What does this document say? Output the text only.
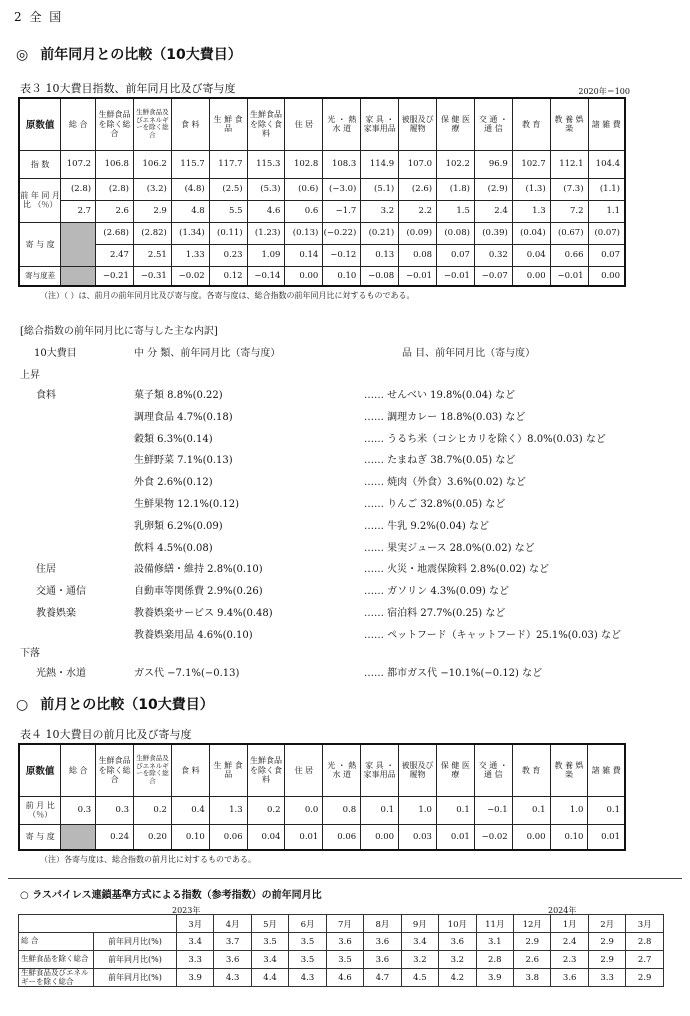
2 全 国
◎ 前年同月との比較（10大費目）
表３ 10大費目指数、前年同月比及び寄与度	2020年＝100
原数値	総 合	生鮮食品を除く総合	生鮮食品及びエネルギーを除く総合	食 料	生 鮮 食 品	生鮮食品を除く食料	住 居	光 ・ 熱 水 道	家 具 ・ 家事用品	被服及び履物	保 健 医 療	交 通 ・ 通 信	教 育	教 養 娯 楽	諸 雑 費
指 数	107.2	106.8	106.2	115.7	117.7	115.3	102.8	108.3	114.9	107.0	102.2	96.9	102.7	112.1	104.4
前 年 同 月 比 （％）	(2.8)	(2.8)	(3.2)	(4.8)	(2.5)	(5.3)	(0.6)	(−3.0)	(5.1)	(2.6)	(1.8)	(2.9)	(1.3)	(7.3)	(1.1)
	2.7	2.6	2.9	4.8	5.5	4.6	0.6	−1.7	3.2	2.2	1.5	2.4	1.3	7.2	1.1
寄 与 度		(2.68)	(2.82)	(1.34)	(0.11)	(1.23)	(0.13)	(−0.22)	(0.21)	(0.09)	(0.08)	(0.39)	(0.04)	(0.67)	(0.07)
		2.47	2.51	1.33	0.23	1.09	0.14	−0.12	0.13	0.08	0.07	0.32	0.04	0.66	0.07
寄与度差		−0.21	−0.31	−0.02	0.12	−0.14	0.00	0.10	−0.08	−0.01	−0.01	−0.07	0.00	−0.01	0.00
（注）（ ）は、前月の前年同月比及び寄与度。各寄与度は、総合指数の前年同月比に対するものである。
[総合指数の前年同月比に寄与した主な内訳]
10大費目	中 分 類、前年同月比（寄与度）	品 目、前年同月比（寄与度）
上昇
食料	菓子類 8.8%(0.22)	…… せんべい 19.8%(0.04) など
調理食品 4.7%(0.18)	…… 調理カレー 18.8%(0.03) など
穀類 6.3%(0.14)	…… うるち米（コシヒカリを除く）8.0%(0.03) など
生鮮野菜 7.1%(0.13)	…… たまねぎ 38.7%(0.05) など
外食 2.6%(0.12)	…… 焼肉（外食）3.6%(0.02) など
生鮮果物 12.1%(0.12)	…… りんご 32.8%(0.05) など
乳卵類 6.2%(0.09)	…… 牛乳 9.2%(0.04) など
飲料 4.5%(0.08)	…… 果実ジュース 28.0%(0.02) など
住居	設備修繕・維持 2.8%(0.10)	…… 火災・地震保険料 2.8%(0.02) など
交通・通信	自動車等関係費 2.9%(0.26)	…… ガソリン 4.3%(0.09) など
教養娯楽	教養娯楽サービス 9.4%(0.48)	…… 宿泊料 27.7%(0.25) など
教養娯楽用品 4.6%(0.10)	…… ペットフード（キャットフード）25.1%(0.03) など
下落
光熱・水道	ガス代 −7.1%(−0.13)	…… 都市ガス代 −10.1%(−0.12) など
○ 前月との比較（10大費目）
表４ 10大費目の前月比及び寄与度
原数値	総 合	生鮮食品を除く総合	生鮮食品及びエネルギーを除く総合	食 料	生 鮮 食 品	生鮮食品を除く食料	住 居	光 ・ 熱 水 道	家 具 ・ 家事用品	被服及び履物	保 健 医 療	交 通 ・ 通 信	教 育	教 養 娯 楽	諸 雑 費
前 月 比 （％）	0.3	0.3	0.2	0.4	1.3	0.2	0.0	0.8	0.1	1.0	0.1	−0.1	0.1	1.0	0.1
寄 与 度		0.24	0.20	0.10	0.06	0.04	0.01	0.06	0.00	0.03	0.01	−0.02	0.00	0.10	0.01
（注）各寄与度は、総合指数の前月比に対するものである。
○ ラスパイレス連鎖基準方式による指数（参考指数）の前年同月比
2023年	2024年
		3月	4月	5月	6月	7月	8月	9月	10月	11月	12月	1月	2月	3月
総 合	前年同月比(%)	3.4	3.7	3.5	3.5	3.6	3.6	3.4	3.6	3.1	2.9	2.4	2.9	2.8
生鮮食品を除く総合	前年同月比(%)	3.3	3.6	3.4	3.5	3.5	3.6	3.2	3.2	2.8	2.6	2.3	2.9	2.7
生鮮食品及びエネルギーを除く総合	前年同月比(%)	3.9	4.3	4.4	4.3	4.6	4.7	4.5	4.2	3.9	3.8	3.6	3.3	2.9
